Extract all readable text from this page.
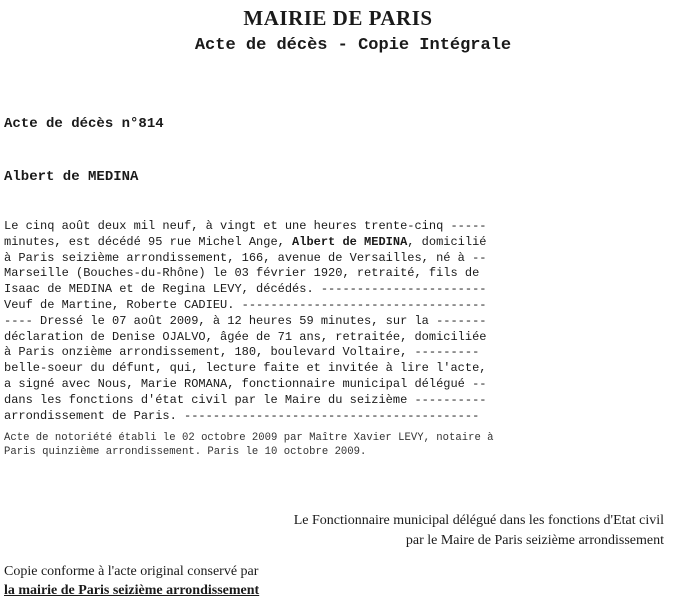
MAIRIE DE PARIS
Acte de décès - Copie Intégrale
Acte de décès n°814
Albert de MEDINA
Le cinq août deux mil neuf, à vingt et une heures trente-cinq -----
minutes, est décédé 95 rue Michel Ange, Albert de MEDINA, domicilié
à Paris seizième arrondissement, 166, avenue de Versailles, né à --
Marseille (Bouches-du-Rhône) le 03 février 1920, retraité, fils de
Isaac de MEDINA et de Regina LEVY, décédés. -----------------------
Veuf de Martine, Roberte CADIEU. ----------------------------------
---- Dressé le 07 août 2009, à 12 heures 59 minutes, sur la -------
déclaration de Denise OJALVO, âgée de 71 ans, retraitée, domiciliée
à Paris onzième arrondissement, 180, boulevard Voltaire, ---------
belle-soeur du défunt, qui, lecture faite et invitée à lire l'acte,
a signé avec Nous, Marie ROMANA, fonctionnaire municipal délégué --
dans les fonctions d'état civil par le Maire du seizième ----------
arrondissement de Paris. -----------------------------------------
Acte de notoriété établi le 02 octobre 2009 par Maître Xavier LEVY, notaire à
Paris quinzième arrondissement. Paris le 10 octobre 2009.
Le Fonctionnaire municipal délégué dans les fonctions d'Etat civil
par le Maire de Paris seizième arrondissement
Copie conforme à l'acte original conservé par
la mairie de Paris seizième arrondissement
